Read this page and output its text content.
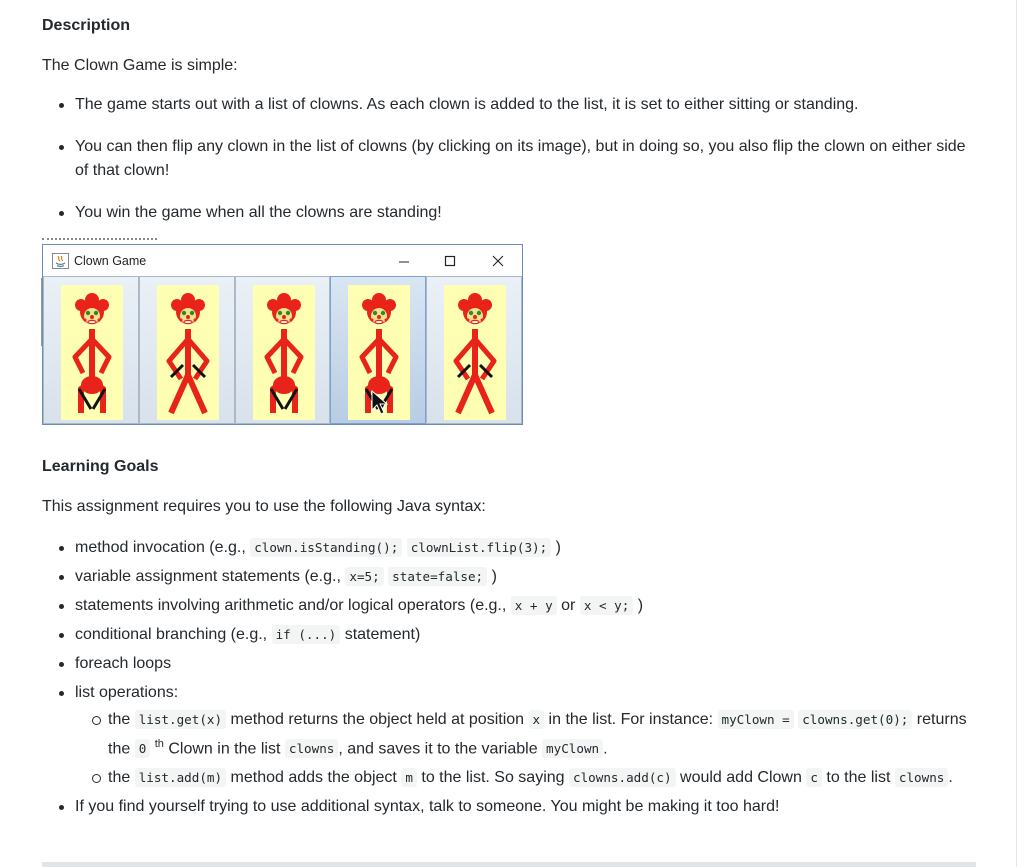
Description

The Clown Game is simple:

The game starts out with a list of clowns. As each clown is added to the list, it is set to either sitting or standing.
You can then flip any clown in the list of clowns (by clicking on its image), but in doing so, you also flip the clown on either side of that clown!
You win the game when all the clowns are standing!
Learning Goals

This assignment requires you to use the following Java syntax:

method invocation (e.g., clown.isStanding(); clownList.flip(3); )
variable assignment statements (e.g., x=5; state=false; )
statements involving arithmetic and/or logical operators (e.g., x + y or x < y; )
conditional branching (e.g., if (...) statement)
foreach loops
list operations:
the list.get(x) method returns the object held at position x in the list. For instance: myClown = clowns.get(0); returns the 0 $^{th}$ Clown in the list clowns , and saves it to the variable myClown .
the list.add(m) method adds the object m to the list. So saying clowns.add(c) would add Clown c to the list clowns .
If you find yourself trying to use additional syntax, talk to someone. You might be making it too hard!
Clown Game
